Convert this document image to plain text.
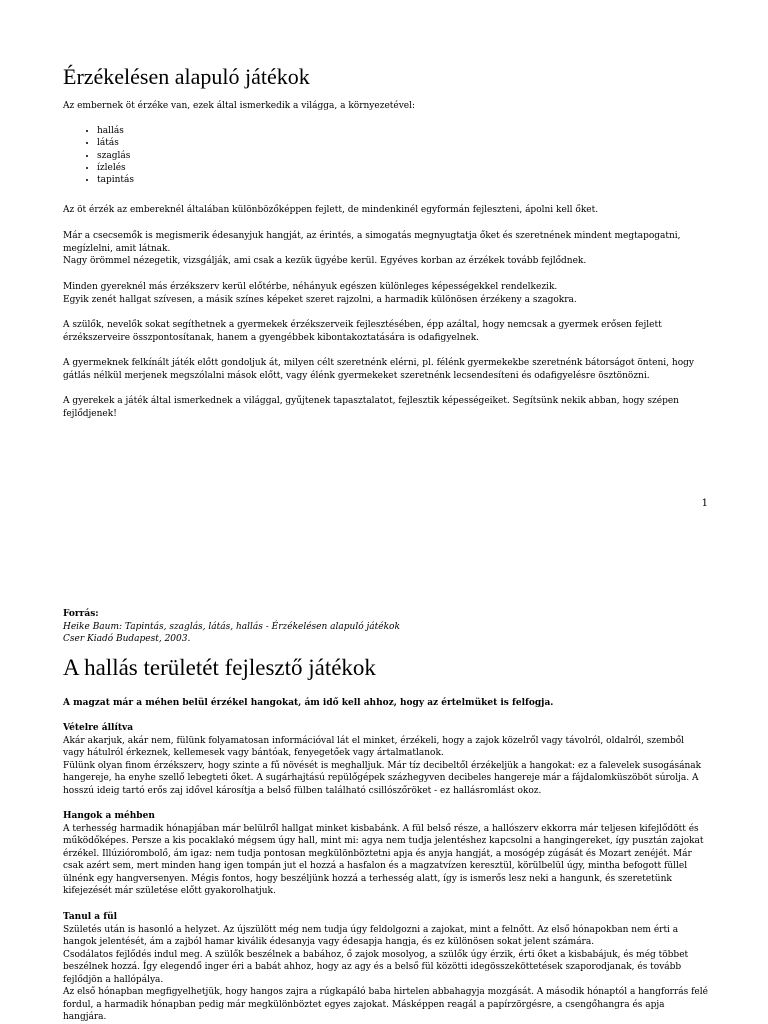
Érzékelésen alapuló játékok

Az embernek öt érzéke van, ezek által ismerkedik a világga, a környezetével:

• hallás
• látás
• szaglás
• ízlelés
• tapintás

Az öt érzék az embereknél általában különbözőképpen fejlett, de mindenkinél egyformán fejleszteni, ápolni kell őket.

Már a csecsemők is megismerik édesanyjuk hangját, az érintés, a simogatás megnyugtatja őket és szeretnének mindent megtapogatni, megízlelni, amit látnak.

Nagy örömmel nézegetik, vizsgálják, ami csak a kezük ügyébe kerül. Egyéves korban az érzékek tovább fejlődnek.

Minden gyereknél más érzékszerv kerül előtérbe, néhányuk egészen különleges képességekkel rendelkezik.

Egyik zenét hallgat szívesen, a másik színes képeket szeret rajzolni, a harmadik különösen érzékeny a szagokra.

A szülők, nevelők sokat segíthetnek a gyermekek érzékszerveik fejlesztésében, épp azáltal, hogy nemcsak a gyermek erősen fejlett érzékszerveire összpontosítanak, hanem a gyengébbek kibontakoztatására is odafigyelnek.

A gyermeknek felkínált játék előtt gondoljuk át, milyen célt szeretnénk elérni, pl. félénk gyermekekbe szeretnénk bátorságot önteni, hogy gátlás nélkül merjenek megszólalni mások előtt, vagy élénk gyermekeket szeretnénk lecsendesíteni és odafigyelésre ösztönözni.

A gyerekek a játék által ismerkednek a világgal, gyűjtenek tapasztalatot, fejlesztik képességeiket. Segítsünk nekik abban, hogy szépen fejlődjenek!

1
Forrás:
Heike Baum: Tapintás, szaglás, látás, hallás - Érzékelésen alapuló játékok
Cser Kiadó Budapest, 2003.
A hallás területét fejlesztő játékok

A magzat már a méhen belül érzékel hangokat, ám idő kell ahhoz, hogy az értelmüket is felfogja.

Vételre állítva

Akár akarjuk, akár nem, fülünk folyamatosan információval lát el minket, érzékeli, hogy a zajok közelről vagy távolról, oldalról, szemből vagy hátulról érkeznek, kellemesek vagy bántóak, fenyegetőek vagy ártalmatlanok.

Fülünk olyan finom érzékszerv, hogy szinte a fű növését is meghalljuk. Már tíz decibeltől érzékeljük a hangokat: ez a falevelek susogásának hangereje, ha enyhe szellő lebegteti őket. A sugárhajtású repülőgépek százhegyven decibeles hangereje már a fájdalomküszöböt súrolja. A hosszú ideig tartó erős zaj idővel károsítja a belső fülben található csillószőröket - ez hallásromlást okoz.

Hangok a méhben

A terhesség harmadik hónapjában már belülről hallgat minket kisbabánk. A fül belső része, a hallószerv ekkorra már teljesen kifejlődött és működőképes. Persze a kis pocaklakó mégsem úgy hall, mint mi: agya nem tudja jelentéshez kapcsolni a hangingereket, így pusztán zajokat érzékel. Illúziórombolő, ám igaz: nem tudja pontosan megkülönböztetni apja és anyja hangját, a mosógép zúgását és Mozart zenéjét. Már csak azért sem, mert minden hang igen tompán jut el hozzá a hasfalon és a magzatvízen keresztül, körülbelül úgy, mintha befogott füllel ülnénk egy hangversenyen. Mégis fontos, hogy beszéljünk hozzá a terhesség alatt, így is ismerős lesz neki a hangunk, és szeretetünk kifejezését már születése előtt gyakorolhatjuk.

Tanul a fül

Születés után is hasonló a helyzet. Az újszülött még nem tudja úgy feldolgozni a zajokat, mint a felnőtt. Az első hónapokban nem érti a hangok jelentését, ám a zajból hamar kiválik édesanyja vagy édesapja hangja, és ez különösen sokat jelent számára.

Csodálatos fejlődés indul meg. A szülők beszélnek a babához, ő zajok mosolyog, a szülők úgy érzik, érti őket a kisbabájuk, és még többet beszélnek hozzá. Így elegendő inger éri a babát ahhoz, hogy az agy és a belső fül közötti idegösszeköttetések szaporodjanak, és tovább fejlődjön a hallópálya.

Az első hónapban megfigyelhetjük, hogy hangos zajra a rúgkapáló baba hirtelen abbahagyja mozgását. A második hónaptól a hangforrás felé fordul, a harmadik hónapban pedig már megkülönböztet egyes zajokat. Másképpen reagál a papírzörgésre, a csengőhangra és apja hangjára.
